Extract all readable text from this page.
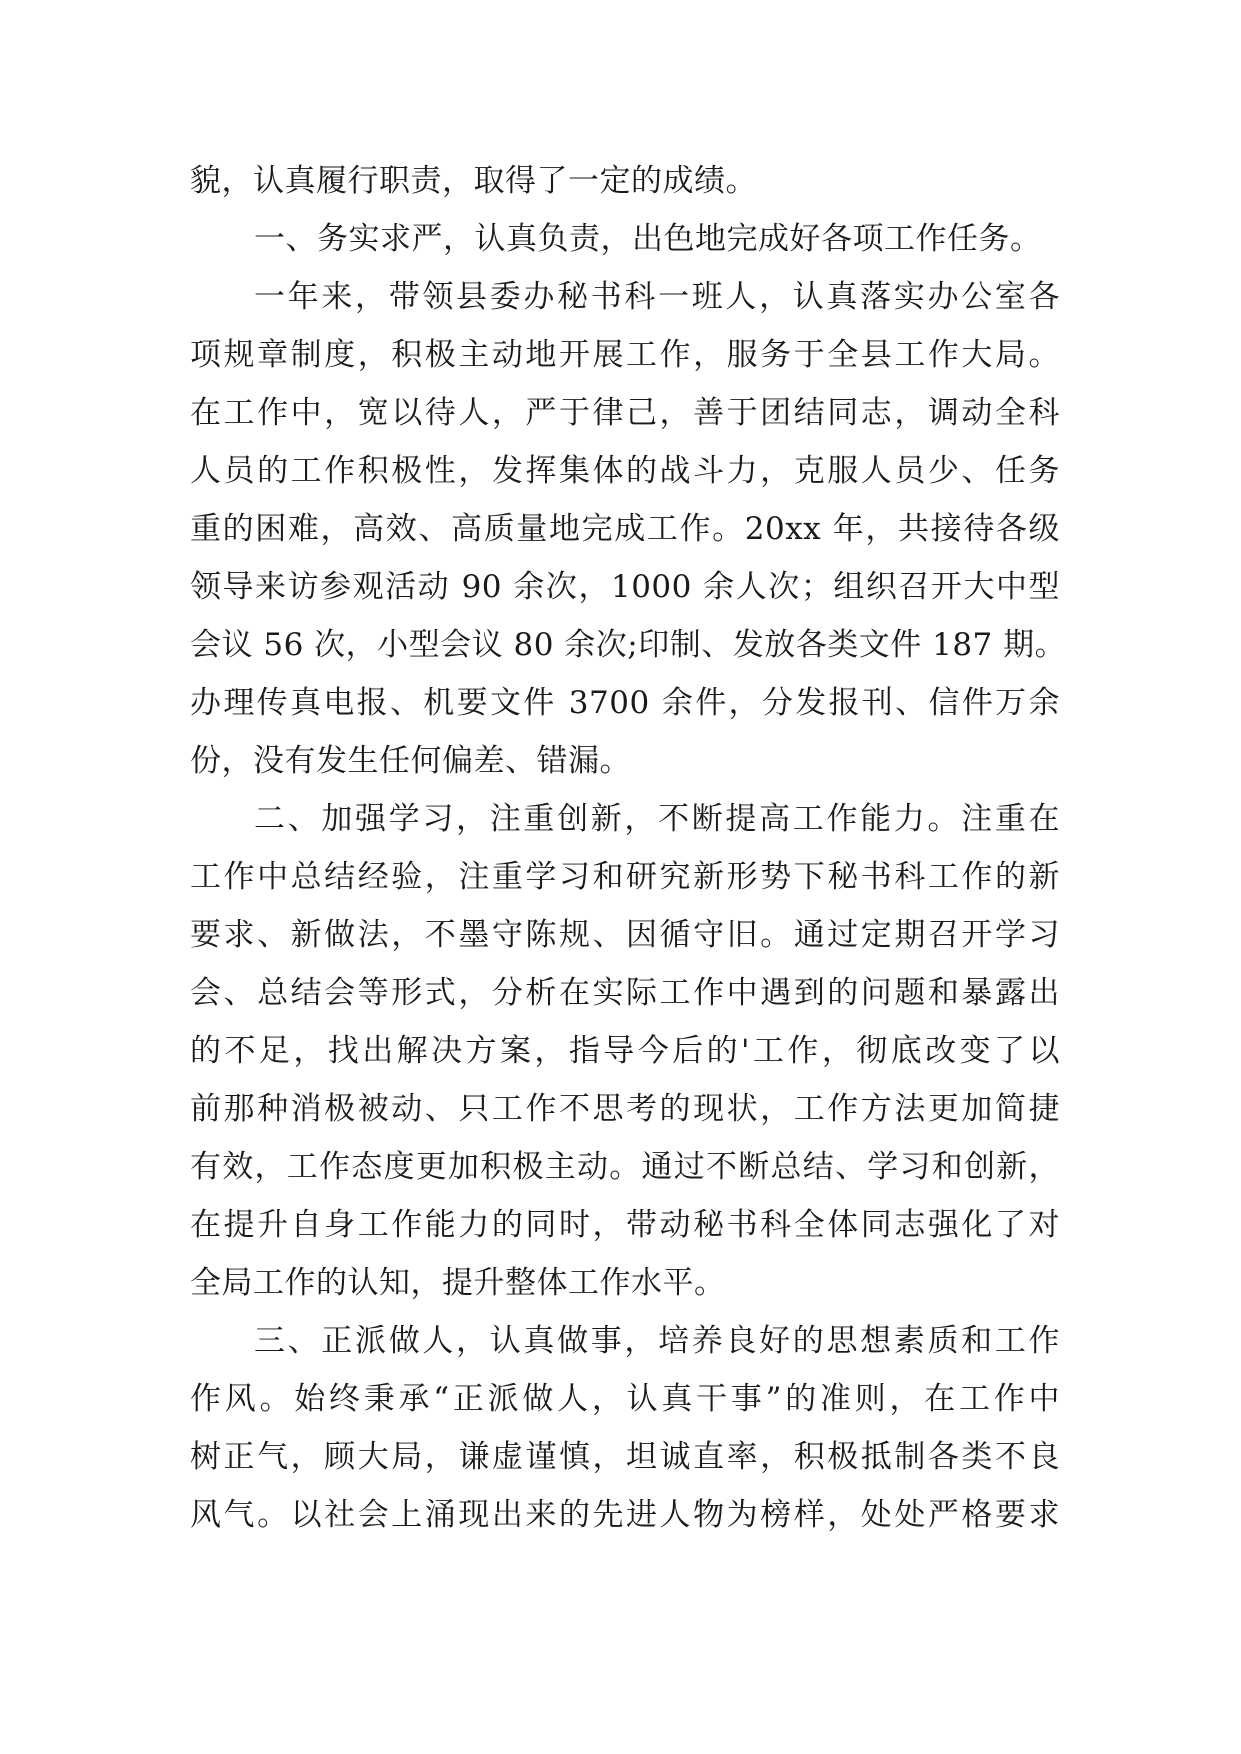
貌，认真履行职责，取得了一定的成绩。
一、务实求严，认真负责，出色地完成好各项工作任务。
一年来，带领县委办秘书科一班人，认真落实办公室各
项规章制度，积极主动地开展工作，服务于全县工作大局。
在工作中，宽以待人，严于律己，善于团结同志，调动全科
人员的工作积极性，发挥集体的战斗力，克服人员少、任务
重的困难，高效、高质量地完成工作。20xx 年，共接待各级
领导来访参观活动 90 余次，1000 余人次；组织召开大中型
会议 56 次，小型会议 80 余次;印制、发放各类文件 187 期。
办理传真电报、机要文件 3700 余件，分发报刊、信件万余
份，没有发生任何偏差、错漏。
二、加强学习，注重创新，不断提高工作能力。注重在
工作中总结经验，注重学习和研究新形势下秘书科工作的新
要求、新做法，不墨守陈规、因循守旧。通过定期召开学习
会、总结会等形式，分析在实际工作中遇到的问题和暴露出
的不足，找出解决方案，指导今后的'工作，彻底改变了以
前那种消极被动、只工作不思考的现状，工作方法更加简捷
有效，工作态度更加积极主动。通过不断总结、学习和创新，
在提升自身工作能力的同时，带动秘书科全体同志强化了对
全局工作的认知，提升整体工作水平。
三、正派做人，认真做事，培养良好的思想素质和工作
作风。始终秉承“正派做人，认真干事”的准则，在工作中
树正气，顾大局，谦虚谨慎，坦诚直率，积极抵制各类不良
风气。以社会上涌现出来的先进人物为榜样，处处严格要求
